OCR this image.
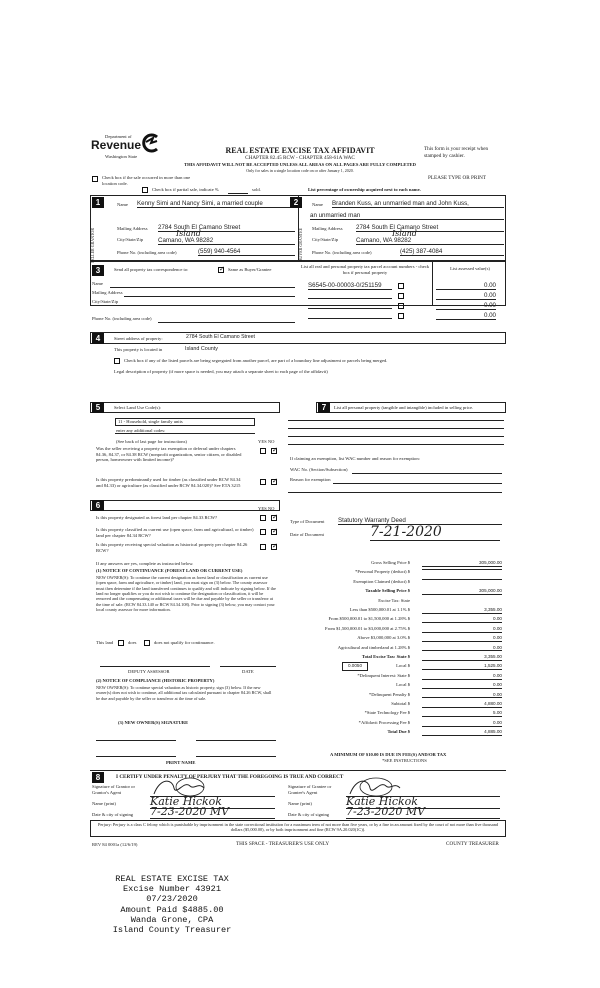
Department of
Revenue
Washington State
REAL ESTATE EXCISE TAX AFFIDAVIT
CHAPTER 82.45 RCW - CHAPTER 458-61A WAC
THIS AFFIDAVIT WILL NOT BE ACCEPTED UNLESS ALL AREAS ON ALL PAGES ARE FULLY COMPLETED
Only for sales in a single location code on or after January 1, 2020.
This form is your receipt when stamped by cashier.
Check box if the sale occurred in more than one location code.
PLEASE TYPE OR PRINT
Check box if partial sale, indicate %	sold.	List percentage of ownership acquired next to each name.
1
SELLER GRANTOR
Name Kenny Simi and Nancy Simi, a married couple
Mailing Address 2784 South El Camano Street
City/State/Zip Camano, WA 98282
Island
Phone No. (including area code)	(559) 940-4564
2
BUYER GRANTEE
Name Branden Kuss, an unmarried man and John Kuss,
an unmarried man
Mailing Address 2784 South El Camano Street
City/State/Zip	Camano, WA 98282
Island
Phone No. (including area code)	(425) 387-4084
3	Send all property tax correspondence to:
✓	Same as Buyer/Grantee
List all real and personal property tax parcel account numbers - check box if personal property
List assessed value(s)
Name
Mailing Address
City/State/Zip
S6545-00-00003-0/251159	0.00
0.00
0.00
0.00
Phone No. (including area code)
4	Street address of property:	2784 South El Camano Street
This property is located in	Island County
Check box if any of the listed parcels are being segregated from another parcel, are part of a boundary line adjustment or parcels being merged.
Legal description of property (if more space is needed, you may attach a separate sheet to each page of the affidavit)
5	Select Land Use Code(s):
11 - Household, single family units
enter any additional codes:
(See back of last page for instructions)	YES NO
Was the seller receiving a property tax exemption or deferral under chapters 84.36, 84.37, or 84.38 RCW (nonprofit organization, senior citizen, or disabled person, homeowner with limited income)?
✓
Is this property predominantly used for timber (as classified under RCW 84.34 and 84.33) or agriculture (as classified under RCW 84.34.020)? See ETA 3215
✓
7	List all personal property (tangible and intangible) included in selling price.
If claiming an exemption, list WAC number and reason for exemption:
WAC No. (Section/Subsection)
Reason for exemption
6	YES NO
Is this property designated as forest land per chapter 84.33 RCW?
✓
Is this property classified as current use (open space, farm and agricultural, or timber) land per chapter 84.34 RCW?
✓
Is this property receiving special valuation as historical property per chapter 84.26 RCW?
✓
If any answers are yes, complete as instructed below.
(1) NOTICE OF CONTINUANCE (FOREST LAND OR CURRENT USE)
NEW OWNER(S): To continue the current designation as forest land or classification as current use (open space, farm and agriculture, or timber) land, you must sign on (3) below. The county assessor must then determine if the land transferred continues to qualify and will indicate by signing below. If the land no longer qualifies or you do not wish to continue the designation or classification, it will be removed and the compensating or additional taxes will be due and payable by the seller or transferor at the time of sale. (RCW 84.33.140 or RCW 84.34.108). Prior to signing (3) below, you may contact your local county assessor for more information.
This land	does	does not qualify for continuance.
DEPUTY ASSESSOR	DATE
(2) NOTICE OF COMPLIANCE (HISTORIC PROPERTY)
NEW OWNER(S): To continue special valuation as historic property, sign (3) below. If the new owner(s) does not wish to continue, all additional tax calculated pursuant to chapter 84.26 RCW, shall be due and payable by the seller or transferor at the time of sale.
(3) NEW OWNER(S) SIGNATURE
PRINT NAME
Type of Document Statutory Warranty Deed
Date of Document	7-21-2020
Gross Selling Price $	305,000.00
*Personal Property (deduct) $
Exemption Claimed (deduct) $
Taxable Selling Price $	305,000.00
Excise Tax: State
Less than $500,000.01 at 1.1% $	3,355.00
From $500,000.01 to $1,500,000 at 1.28% $	0.00
From $1,500,000.01 to $3,000,000 at 2.75% $	0.00
Above $3,000,000 at 3.0% $	0.00
Agricultural and timberland at 1.28% $	0.00
Total Excise Tax: State $	3,355.00
Local $	1,525.00
*Delinquent Interest: State $	0.00
Local $	0.00
*Delinquent Penalty $	0.00
Subtotal $	4,880.00
*State Technology Fee $	5.00
*Affidavit Processing Fee $	0.00
Total Due $	4,885.00
0.0050
A MINIMUM OF $10.00 IS DUE IN FEE(S) AND/OR TAX
*SEE INSTRUCTIONS
8	I CERTIFY UNDER PENALTY OF PERJURY THAT THE FOREGOING IS TRUE AND CORRECT
Signature of Grantor or Grantor's Agent
Signature of Grantee or Grantee's Agent
Name (print)	Katie Hickok
Date & city of signing 7-23-2020 MV
Name (print)	Katie Hickok
Date & city of signing 7-23-2020 MV
Perjury: Perjury is a class C felony which is punishable by imprisonment in the state correctional institution for a maximum term of not more than five years, or by a fine in an amount fixed by the court of not more than five thousand dollars ($5,000.00), or by both imprisonment and fine (RCW 9A.20.020(1C)).
REV 84 0001a (12/6/19)	THIS SPACE - TREASURER'S USE ONLY	COUNTY TREASURER
REAL ESTATE EXCISE TAX
Excise Number 43921
07/23/2020
Amount Paid $4885.00
Wanda Grone, CPA
Island County Treasurer
